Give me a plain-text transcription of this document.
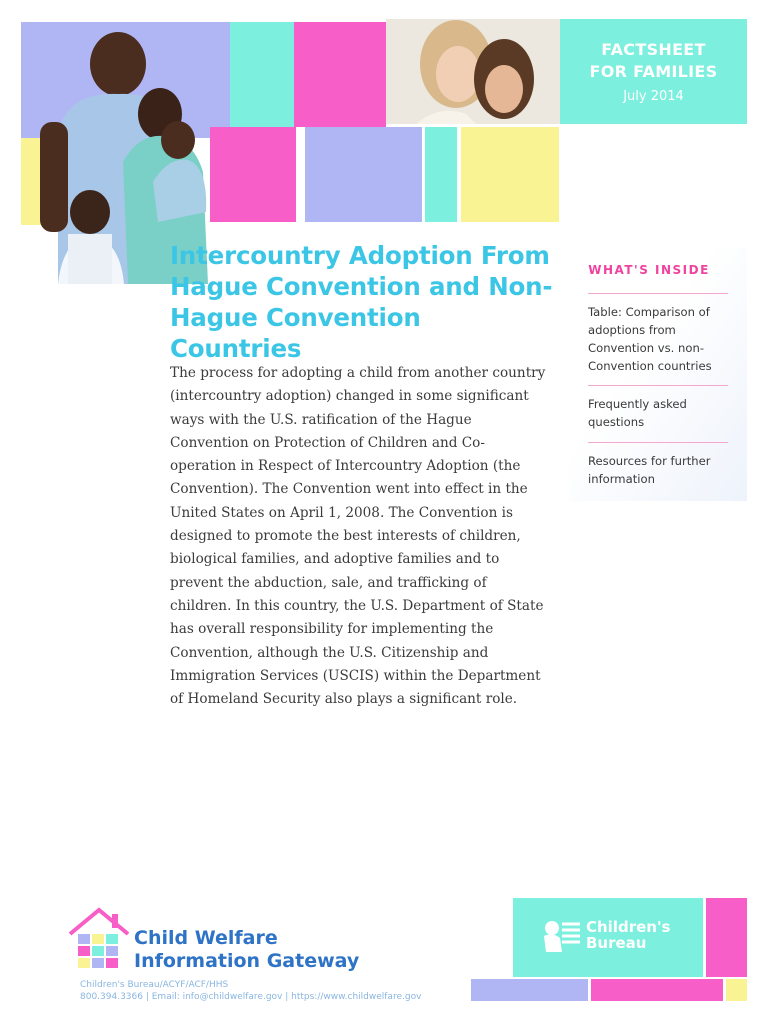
FACTSHEET
FOR FAMILIES
July 2014
Intercountry Adoption From Hague Convention and Non-Hague Convention Countries
The process for adopting a child from another country (intercountry adoption) changed in some significant ways with the U.S. ratification of the Hague Convention on Protection of Children and Co-operation in Respect of Intercountry Adoption (the Convention). The Convention went into effect in the United States on April 1, 2008. The Convention is designed to promote the best interests of children, biological families, and adoptive families and to prevent the abduction, sale, and trafficking of children. In this country, the U.S. Department of State has overall responsibility for implementing the Convention, although the U.S. Citizenship and Immigration Services (USCIS) within the Department of Homeland Security also plays a significant role.
WHAT'S INSIDE
Table: Comparison of adoptions from Convention vs. non-Convention countries
Frequently asked questions
Resources for further information
Child Welfare
Information Gateway
Children's Bureau/ACYF/ACF/HHS
800.394.3366 | Email: info@childwelfare.gov | https://www.childwelfare.gov
Children's
Bureau
